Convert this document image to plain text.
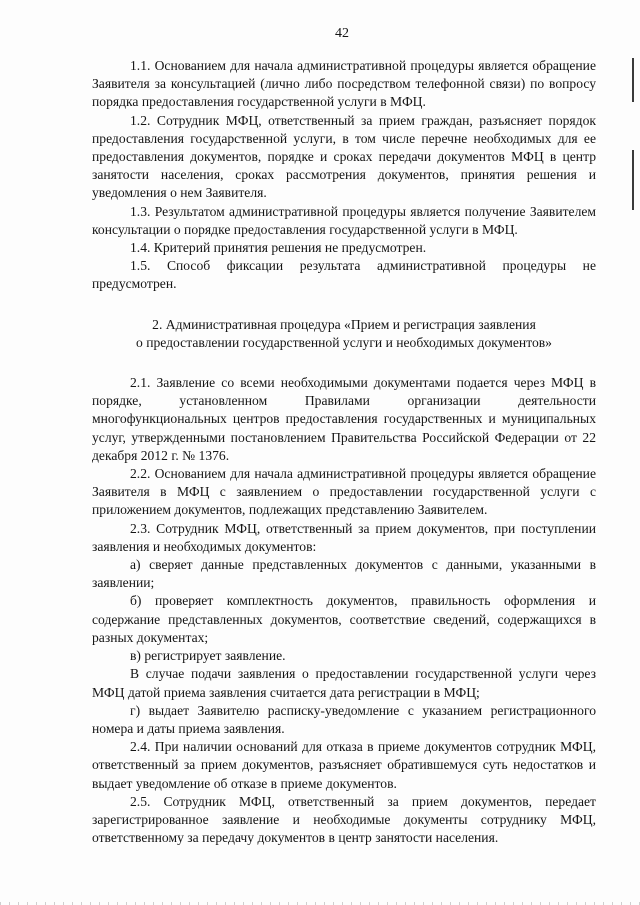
42

1.1. Основанием для начала административной процедуры является обращение Заявителя за консультацией (лично либо посредством телефонной связи) по вопросу порядка предоставления государственной услуги в МФЦ.

1.2. Сотрудник МФЦ, ответственный за прием граждан, разъясняет порядок предоставления государственной услуги, в том числе перечне необходимых для ее предоставления документов, порядке и сроках передачи документов МФЦ в центр занятости населения, сроках рассмотрения документов, принятия решения и уведомления о нем Заявителя.

1.3. Результатом административной процедуры является получение Заявителем консультации о порядке предоставления государственной услуги в МФЦ.

1.4. Критерий принятия решения не предусмотрен.

1.5. Способ фиксации результата административной процедуры не предусмотрен.

2. Административная процедура «Прием и регистрация заявления
о предоставлении государственной услуги и необходимых документов»

2.1. Заявление со всеми необходимыми документами подается через МФЦ в порядке, установленном Правилами организации деятельности многофункциональных центров предоставления государственных и муниципальных услуг, утвержденными постановлением Правительства Российской Федерации от 22 декабря 2012 г. № 1376.

2.2. Основанием для начала административной процедуры является обращение Заявителя в МФЦ с заявлением о предоставлении государственной услуги с приложением документов, подлежащих представлению Заявителем.

2.3. Сотрудник МФЦ, ответственный за прием документов, при поступлении заявления и необходимых документов:

а) сверяет данные представленных документов с данными, указанными в заявлении;

б) проверяет комплектность документов, правильность оформления и содержание представленных документов, соответствие сведений, содержащихся в разных документах;

в) регистрирует заявление.

В случае подачи заявления о предоставлении государственной услуги через МФЦ датой приема заявления считается дата регистрации в МФЦ;

г) выдает Заявителю расписку-уведомление с указанием регистрационного номера и даты приема заявления.

2.4. При наличии оснований для отказа в приеме документов сотрудник МФЦ, ответственный за прием документов, разъясняет обратившемуся суть недостатков и выдает уведомление об отказе в приеме документов.

2.5. Сотрудник МФЦ, ответственный за прием документов, передает зарегистрированное заявление и необходимые документы сотруднику МФЦ, ответственному за передачу документов в центр занятости населения.
